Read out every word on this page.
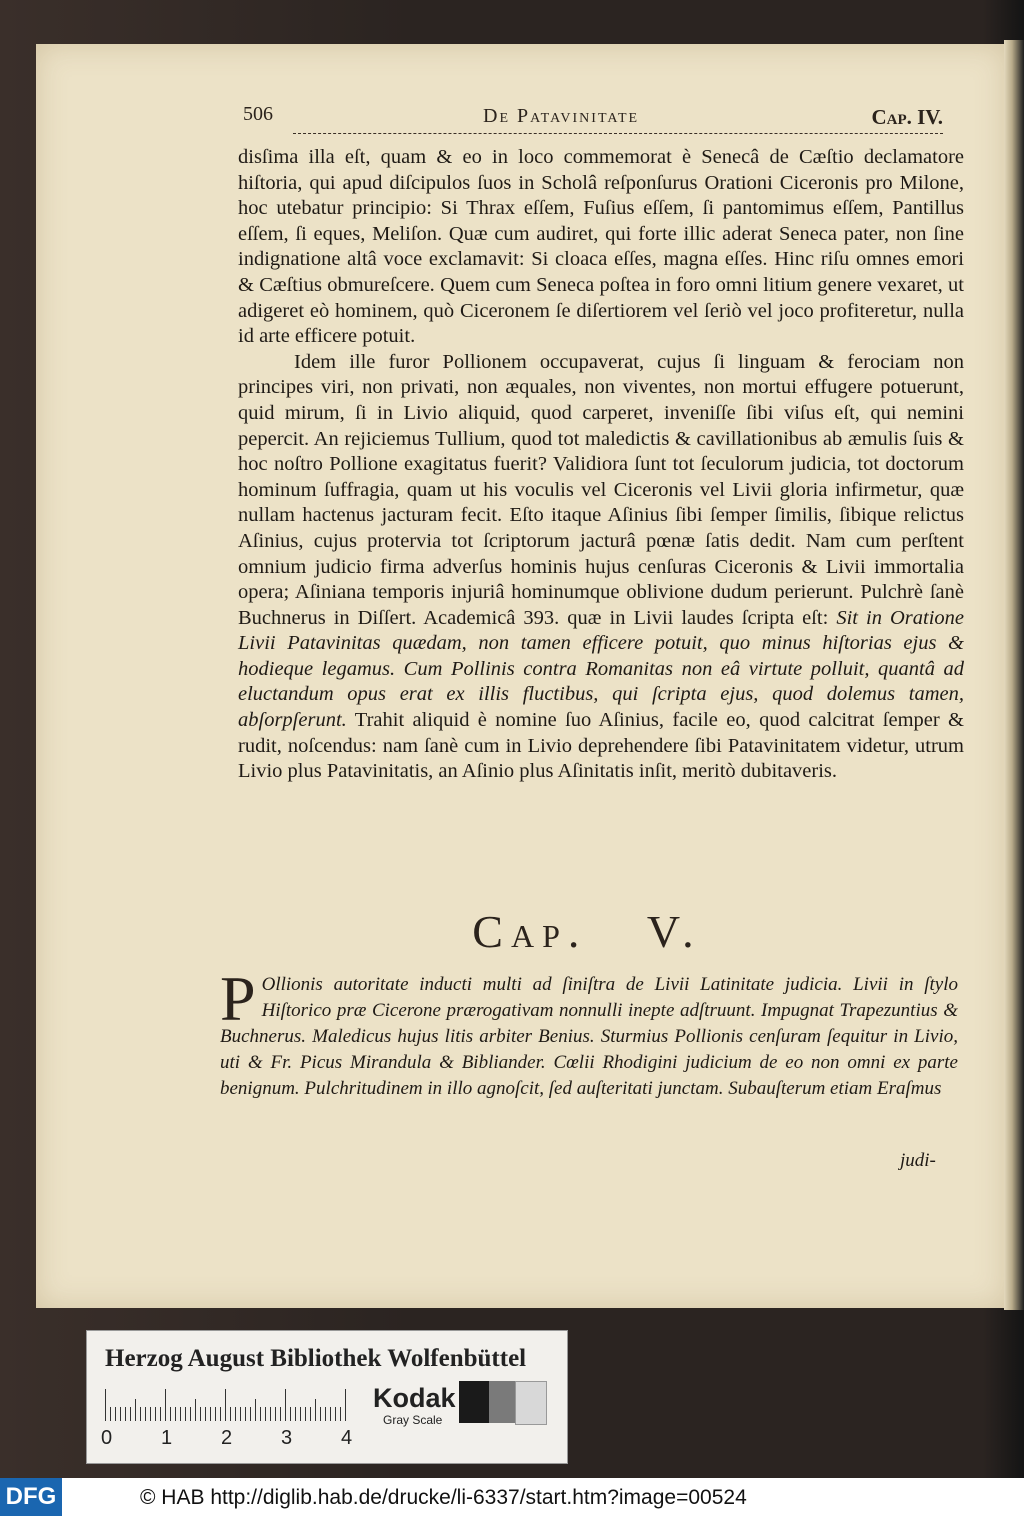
506	De Patavinitate	Cap. IV.

disſima illa eſt, quam & eo in loco commemorat è Senecâ de Cæſtio declamatore hiſtoria, qui apud diſcipulos ſuos in Scholâ reſponſurus Orationi Ciceronis pro Milone, hoc utebatur principio: Si Thrax eſſem, Fuſius eſſem, ſi pantomimus eſſem, Pantillus eſſem, ſi eques, Meliſon. Quæ cum audiret, qui forte illic aderat Seneca pater, non ſine indignatione altâ voce exclamavit: Si cloaca eſſes, magna eſſes. Hinc riſu omnes emori & Cæſtius obmureſcere. Quem cum Seneca poſtea in foro omni litium genere vexaret, ut adigeret eò hominem, quò Ciceronem ſe diſertiorem vel ſeriò vel joco profiteretur, nulla id arte efficere potuit.

Idem ille furor Pollionem occupaverat, cujus ſi linguam & ferociam non principes viri, non privati, non æquales, non viventes, non mortui effugere potuerunt, quid mirum, ſi in Livio aliquid, quod carperet, inveniſſe ſibi viſus eſt, qui nemini pepercit. An rejiciemus Tullium, quod tot maledictis & cavillationibus ab æmulis ſuis & hoc noſtro Pollione exagitatus fuerit? Validiora ſunt tot ſeculorum judicia, tot doctorum hominum ſuffragia, quam ut his voculis vel Ciceronis vel Livii gloria infirmetur, quæ nullam hactenus jacturam fecit. Eſto itaque Aſinius ſibi ſemper ſimilis, ſibique relictus Aſinius, cujus protervia tot ſcriptorum jacturâ pœnæ ſatis dedit. Nam cum perſtent omnium judicio firma adverſus hominis hujus cenſuras Ciceronis & Livii immortalia opera; Aſiniana temporis injuriâ hominumque oblivione dudum perierunt. Pulchrè ſanè Buchnerus in Diſſert. Academicâ 393. quæ in Livii laudes ſcripta eſt: Sit in Oratione Livii Patavinitas quædam, non tamen efficere potuit, quo minus hiſtorias ejus & hodieque legamus. Cum Pollinis contra Romanitas non eâ virtute polluit, quantâ ad eluctandum opus erat ex illis fluctibus, qui ſcripta ejus, quod dolemus tamen, abſorpſerunt. Trahit aliquid è nomine ſuo Aſinius, facile eo, quod calcitrat ſemper & rudit, noſcendus: nam ſanè cum in Livio deprehendere ſibi Patavinitatem videtur, utrum Livio plus Patavinitatis, an Aſinio plus Aſinitatis inſit, meritò dubitaveris.

Cap. V.
P Ollionis autoritate inducti multi ad ſiniſtra de Livii Latinitate judicia. Livii in ſtylo Hiſtorico præ Cicerone prærogativam nonnulli inepte adſtruunt. Impugnat Trapezuntius & Buchnerus. Maledicus hujus litis arbiter Benius. Sturmius Pollionis cenſuram ſequitur in Livio, uti & Fr. Picus Mirandula & Bibliander. Cœlii Rhodigini judicium de eo non omni ex parte benignum. Pulchritudinem in illo agnoſcit, ſed auſteritati junctam. Subauſterum etiam Eraſmus
judi-
Herzog August Bibliothek Wolfenbüttel
0 1 2 3 4
Kodak
Gray Scale
DFG	© HAB http://diglib.hab.de/drucke/li-6337/start.htm?image=00524
